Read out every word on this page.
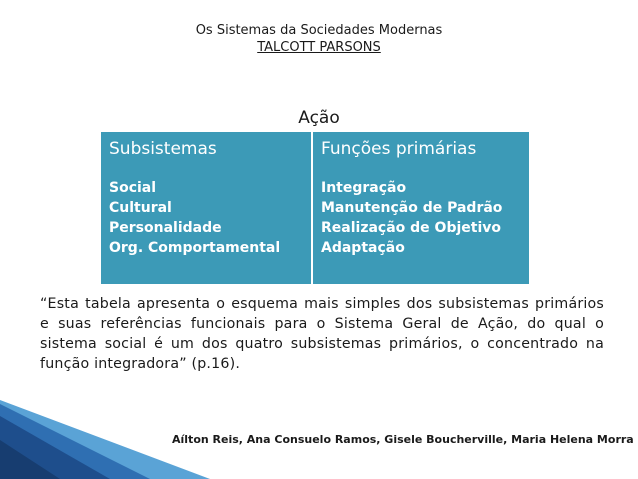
Os Sistemas da Sociedades Modernas
TALCOTT PARSONS
Ação
Subsistemas
Social
Cultural
Personalidade
Org. Comportamental
Funções primárias
Integração
Manutenção de Padrão
Realização de Objetivo
Adaptação
“Esta tabela apresenta o esquema mais simples dos subsistemas primários e suas referências funcionais para o Sistema Geral de Ação, do qual o sistema social é um dos quatro subsistemas primários, o concentrado na função integradora” (p.16).
Aílton Reis, Ana Consuelo Ramos, Gisele Boucherville, Maria Helena Morra
